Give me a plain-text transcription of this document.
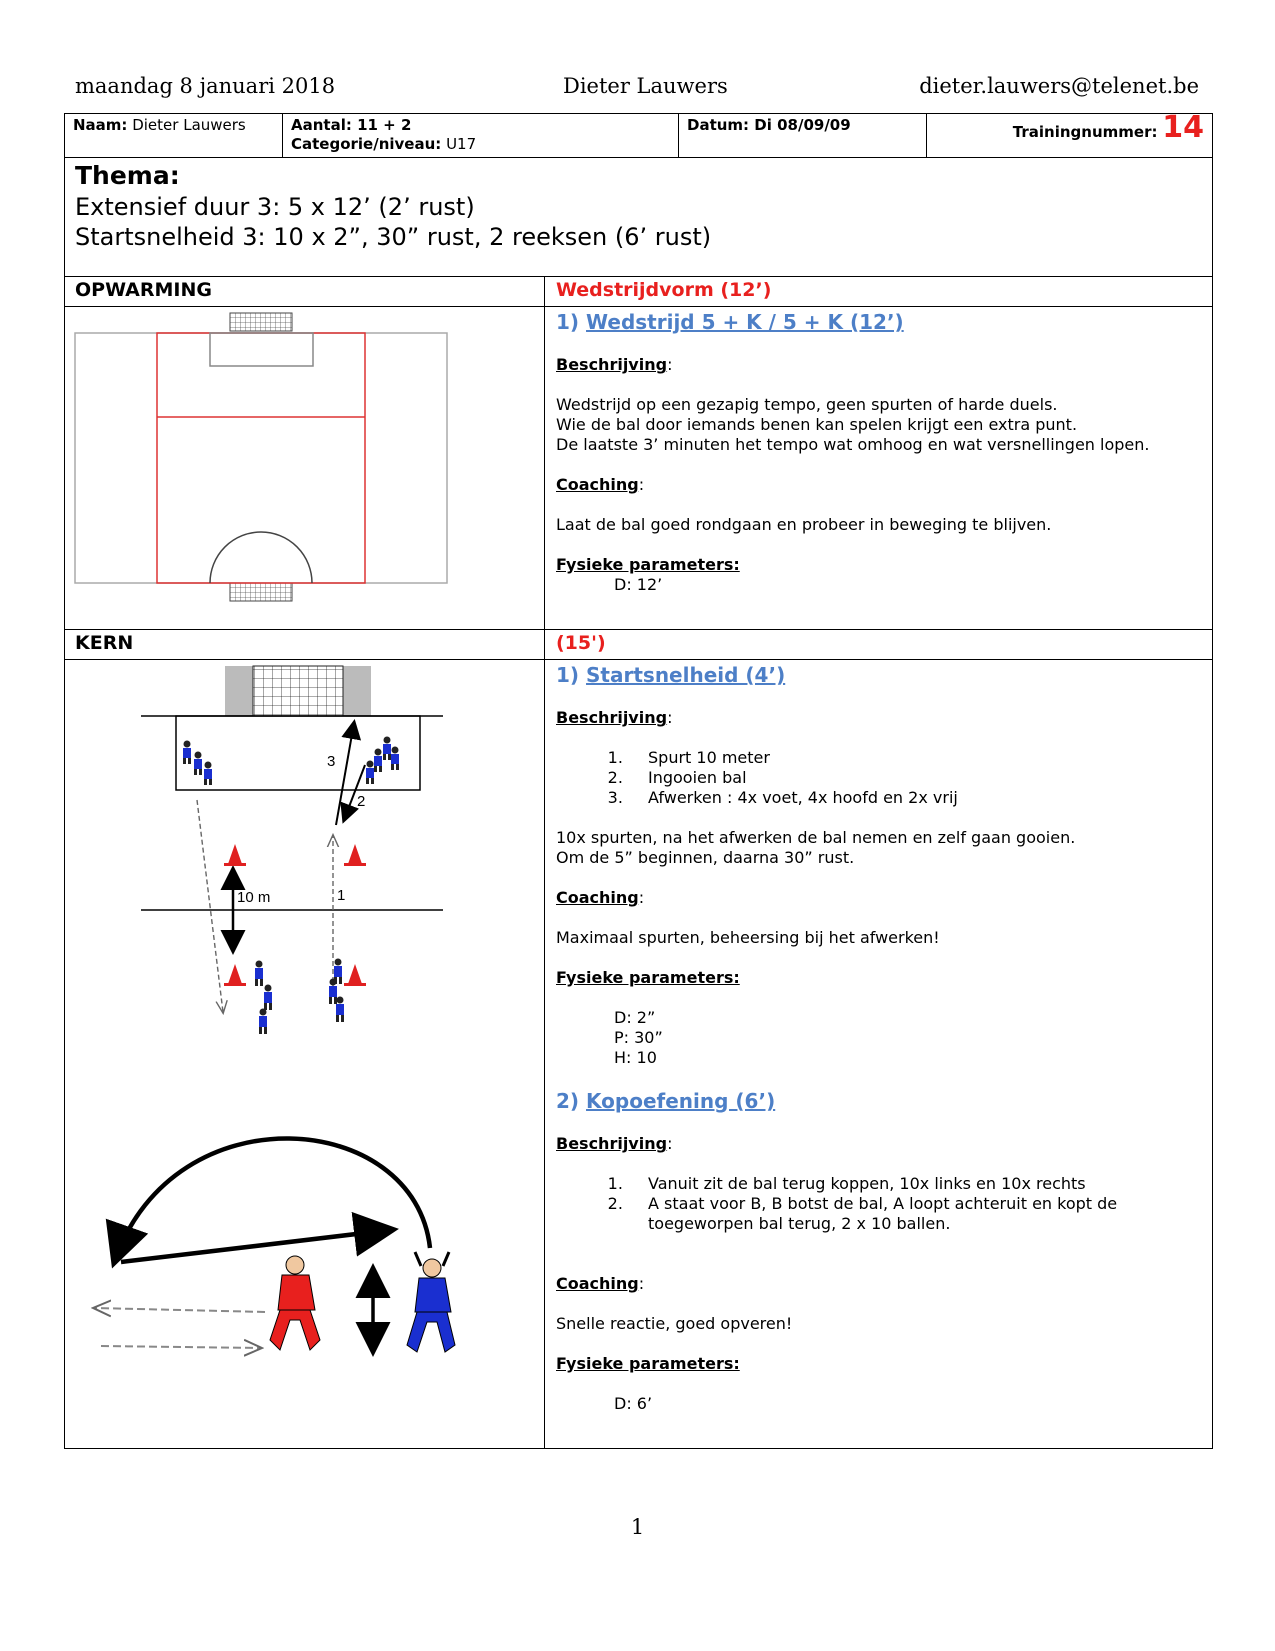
maandag 8 januari 2018	Dieter Lauwers	dieter.lauwers@telenet.be
Naam: Dieter Lauwers	Aantal: 11 + 2
Categorie/niveau: U17
Datum: Di 08/09/09	Trainingnummer: 14
Thema:
Extensief duur 3: 5 x 12’ (2’ rust)
Startsnelheid 3: 10 x 2”, 30” rust, 2 reeksen (6’ rust)
OPWARMING	Wedstrijdvorm (12’)
1) Wedstrijd 5 + K / 5 + K (12’)
Beschrijving:
Wedstrijd op een gezapig tempo, geen spurten of harde duels.
Wie de bal door iemands benen kan spelen krijgt een extra punt.
De laatste 3’ minuten het tempo wat omhoog en wat versnellingen lopen.
Coaching:
Laat de bal goed rondgaan en probeer in beweging te blijven.
Fysieke parameters:
D: 12’
KERN	(15')
3
2
10 m	1
1) Startsnelheid (4’)
Beschrijving:
1. Spurt 10 meter
2. Ingooien bal
3. Afwerken : 4x voet, 4x hoofd en 2x vrij
10x spurten, na het afwerken de bal nemen en zelf gaan gooien.
Om de 5” beginnen, daarna 30” rust.
Coaching:
Maximaal spurten, beheersing bij het afwerken!
Fysieke parameters:
D: 2”
P: 30”
H: 10
2) Kopoefening (6’)
Beschrijving:
1. Vanuit zit de bal terug koppen, 10x links en 10x rechts
2. A staat voor B, B botst de bal, A loopt achteruit en kopt de toegeworpen bal terug, 2 x 10 ballen.
Coaching:
Snelle reactie, goed opveren!
Fysieke parameters:
D: 6’
1
